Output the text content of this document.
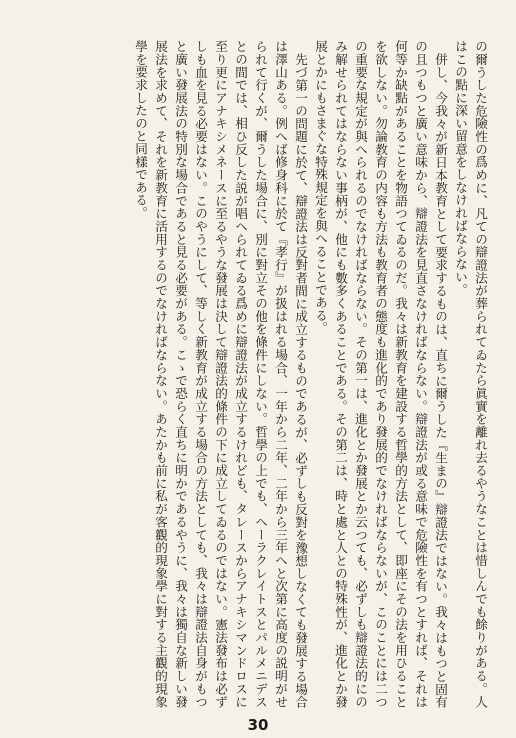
の爾うした危險性の爲めに、凡ての辯證法が葬られてゐたら眞實を離れ去るやうなことは惜しんでも餘りがある。人はこの點に深い留意をしなければならない。

併し、今我々が新日本教育として要求するものは、直ちに爾うした『生まの』辯證法ではない。我々はもつと固有の且つもつと廣い意味から、辯證法を見直さなければならない。辯證法が或る意味で危險性を有つとすれば、それは何等か缺點があることを物語つてゐるのだ。我々は新教育を建設する哲學的方法として、即座にその法を用ひることを欲しない。勿論教育の内容も方法も教育者の態度も進化的であり發展的でなければならないが、このことには二つの重要な規定が與へられるのでなければならない。その第一は、進化とか發展とか云つても、必ずしも辯證法的にのみ解せられてはならない事柄が、他にも數多くあることである。その第二は、時と處と人との特殊性が、進化とか發展とかにもさまぐな特殊規定を與へることである。

先づ第一の問題に於て、辯證法は反對者間に成立するものであるが、必ずしも反對を豫想しなくても發展する場合は澤山ある。例へば修身科に於て『孝行』が扱はれる場合、一年から二年、二年から三年へと次第に高度の説明がせられて行くが、爾うした場合に、別に對立その他を條件にしない。哲學の上でも、ヘーラクレイトスとパルメニデスとの間では、相ひ反した説が唱へられてゐる爲めに辯證法が成立するけれども、タレースからアナキシマンドロスに至り更にアナキシメネースに至るやうな發展は決して辯證法的條件の下に成立してゐるのではない。憲法發布は必ずしも血を見る必要はない。このやうにして、等しく新教育が成立する場合の方法としても、我々は辯證法自身がもつと廣い發展法の特別な場合であると見る必要がある。こゝで恐らく直ちに明かであるやうに、我々は獨自な新しい發展法を求めて、それを新教育に活用するのでなければならない。あたかも前に私が客觀的現象學に對する主觀的現象學を要求したのと同樣である。

30
